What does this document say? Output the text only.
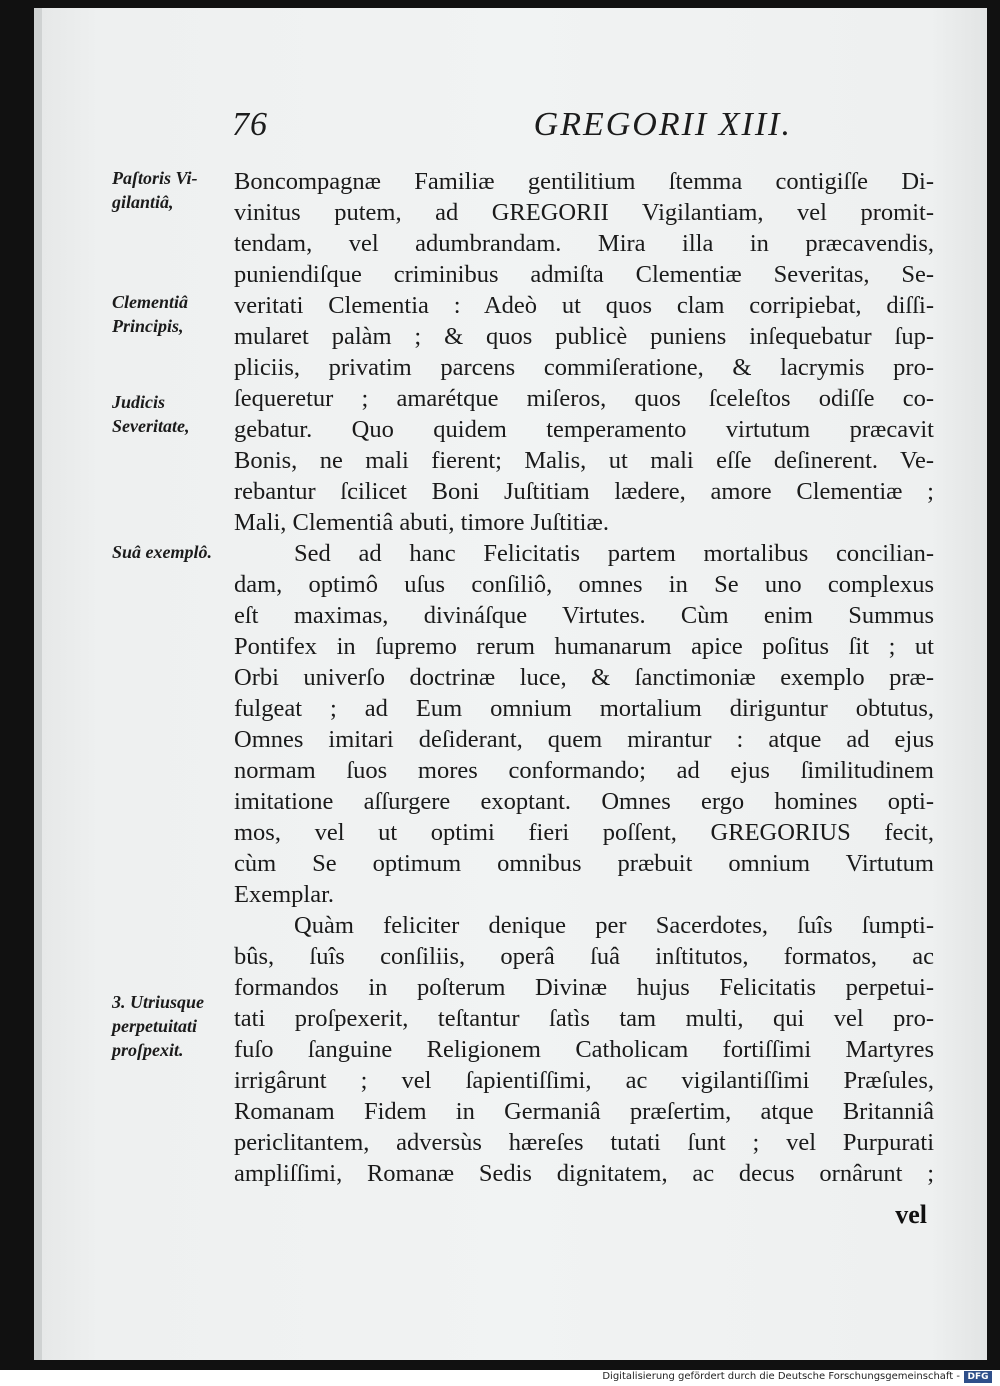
76	GREGORII XIII.
Paſtoris Vi-
gilantiâ,
Clementiâ
Principis,
Judicis
Severitate,
Suâ exemplô.
3. Utriusque
perpetuitati
proſpexit.
Boncompagnæ Familiæ gentilitium ſtemma contigiſſe Di-
vinitus putem, ad GREGORII Vigilantiam, vel promit-
tendam, vel adumbrandam. Mira illa in præcavendis,
puniendiſque criminibus admiſta Clementiæ Severitas, Se-
veritati Clementia : Adeò ut quos clam corripiebat, diſſi-
mularet palàm ; & quos publicè puniens inſequebatur ſup-
pliciis, privatim parcens commiſeratione, & lacrymis pro-
ſequeretur ; amarétque miſeros, quos ſceleſtos odiſſe co-
gebatur. Quo quidem temperamento virtutum præcavit
Bonis, ne mali fierent; Malis, ut mali eſſe deſinerent. Ve-
rebantur ſcilicet Boni Juſtitiam lædere, amore Clementiæ ;
Mali, Clementiâ abuti, timore Juſtitiæ.
Sed ad hanc Felicitatis partem mortalibus concilian-
dam, optimô uſus conſiliô, omnes in Se uno complexus
eſt maximas, divináſque Virtutes. Cùm enim Summus
Pontifex in ſupremo rerum humanarum apice poſitus ſit ; ut
Orbi univerſo doctrinæ luce, & ſanctimoniæ exemplo præ-
fulgeat ; ad Eum omnium mortalium diriguntur obtutus,
Omnes imitari deſiderant, quem mirantur : atque ad ejus
normam ſuos mores conformando; ad ejus ſimilitudinem
imitatione aſſurgere exoptant. Omnes ergo homines opti-
mos, vel ut optimi fieri poſſent, GREGORIUS fecit,
cùm Se optimum omnibus præbuit omnium Virtutum
Exemplar.
Quàm feliciter denique per Sacerdotes, ſuîs ſumpti-
bûs, ſuîs conſiliis, operâ ſuâ inſtitutos, formatos, ac
formandos in poſterum Divinæ hujus Felicitatis perpetui-
tati proſpexerit, teſtantur ſatìs tam multi, qui vel pro-
fuſo ſanguine Religionem Catholicam fortiſſimi Martyres
irrigârunt ; vel ſapientiſſimi, ac vigilantiſſimi Præſules,
Romanam Fidem in Germaniâ præſertim, atque Britanniâ
periclitantem, adversùs hæreſes tutati ſunt ; vel Purpurati
ampliſſimi, Romanæ Sedis dignitatem, ac decus ornârunt ;
vel
Digitalisierung gefördert durch die Deutsche Forschungsgemeinschaft - DFG
